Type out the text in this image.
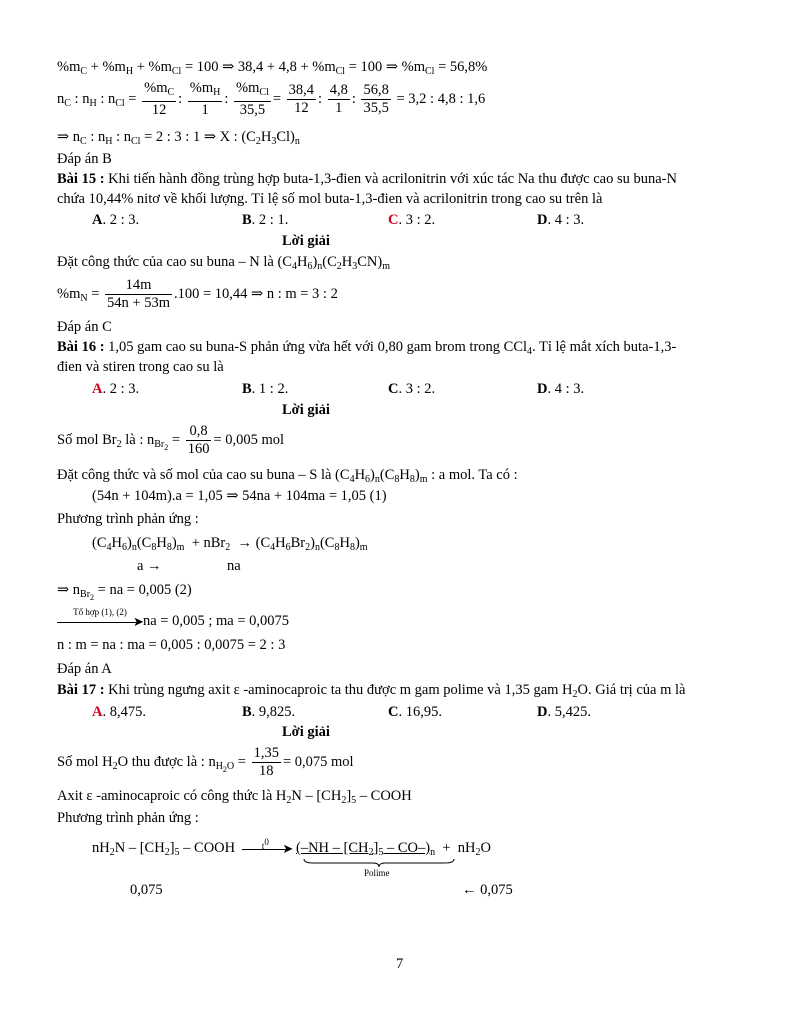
$\%m_C + \%m_H + \%m_{Cl} = 100$ ⇒ $38,4 + 4,8 + \%m_{Cl} = 100$ ⇒ $\%m_{Cl} = 56,8\%$
$n_C$ : $n_H$ : $n_{Cl} = \frac{\%m_C}{12}$ : $\frac{\%m_H}{1}$ : $\frac{\%m_{Cl}}{35,5} = \frac{38,4}{12}$ : $\frac{4,8}{1}$ : $\frac{56,8}{35,5} = 3,2$ : 4,8 : 1,6
⇒ $n_C$ : $n_H$ : $n_{Cl} = 2$ : 3 : 1 ⇒ X : $(C_2H_3Cl)_n$
Đáp án B
Bài 15 : Khi tiến hành đồng trùng hợp buta-1,3-đien và acrilonitrin với xúc tác Na thu được cao su buna-N
chứa 10,44% nitơ về khối lượng. Tỉ lệ số mol buta-1,3-đien và acrilonitrin trong cao su trên là
A. 2 : 3.	B. 2 : 1.	C. 3 : 2.	D. 4 : 3.
Lời giải
Đặt công thức của cao su buna – N là $(C_4H_6)_n(C_2H_3CN)_m$
$\%m_N = \frac{14m}{54n + 53m} .100 = 10,44$ ⇒ n : m = 3 : 2
Đáp án C
Bài 16 : 1,05 gam cao su buna-S phản ứng vừa hết với 0,80 gam brom trong CCl$_4$. Tỉ lệ mắt xích buta-1,3-
đien và stiren trong cao su là
A. 2 : 3.	B. 1 : 2.	C. 3 : 2.	D. 4 : 3.
Lời giải
Số mol $Br_2$ là : $n_{Br_2} = \frac{0,8}{160} = 0,005$ mol
Đặt công thức và số mol của cao su buna – S là $(C_4H_6)_n(C_8H_8)_m$ : a mol. Ta có :
(54n + 104m).a = 1,05 ⇒ 54na + 104ma = 1,05 (1)
Phương trình phản ứng :
$(C_4H_6)_n(C_8H_8)_m + nBr_2 \to (C_4H_6Br_2)_n(C_8H_8)_m$
a →	na
⇒ $n_{Br_2}$ = na = 0,005 (2)
Tổ hợp (1), (2)
➤ na = 0,005 ; ma = 0,0075
n : m = na : ma = 0,005 : 0,0075 = 2 : 3
Đáp án A
Bài 17 : Khi trùng ngưng axit ε -aminocaproic ta thu được m gam polime và 1,35 gam $H_2O$. Giá trị của m là
A. 8,475.	B. 9,825.	C. 16,95.	D. 5,425.
Lời giải
Số mol $H_2O$ thu được là : $n_{H_2O} = \frac{1,35}{18} = 0,075$ mol
Axit ε -aminocaproic có công thức là $H_2N - [CH_2]_5$ – COOH
Phương trình phản ứng :
$nH_2N - [CH_2]_5$ – COOH	$t^0$	➤ $(-NH - [CH_2]_5 - CO-)_n + nH_2O$
Polime
0,075	← 0,075
7
